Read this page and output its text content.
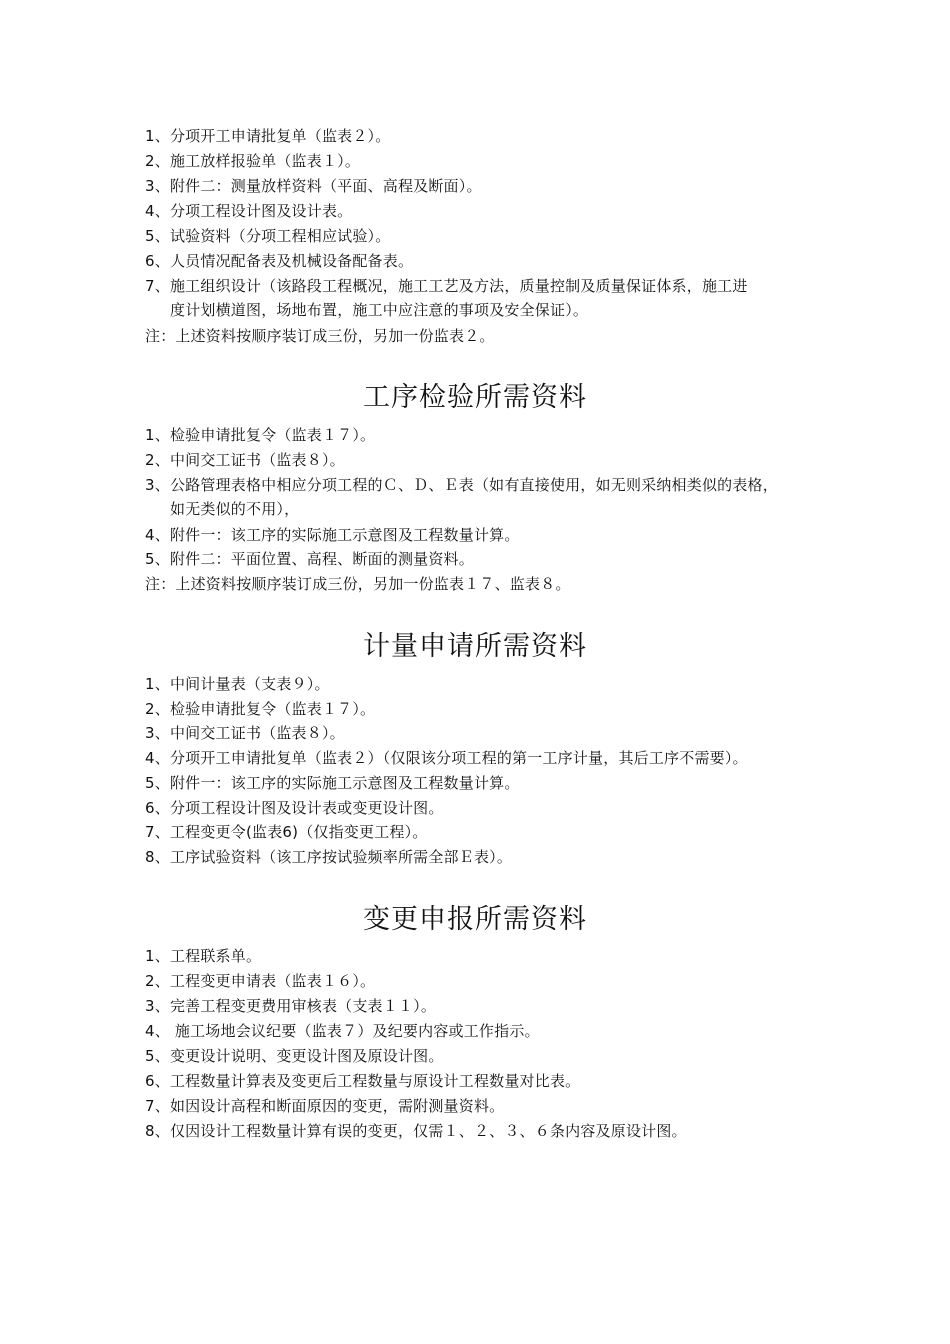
1、分项开工申请批复单（监表２）。
2、施工放样报验单（监表１）。
3、附件二：测量放样资料（平面、高程及断面）。
4、分项工程设计图及设计表。
5、试验资料（分项工程相应试验）。
6、人员情况配备表及机械设备配备表。
7、施工组织设计（该路段工程概况，施工工艺及方法，质量控制及质量保证体系，施工进
度计划横道图，场地布置，施工中应注意的事项及安全保证）。
注：上述资料按顺序装订成三份，另加一份监表２。
工序检验所需资料
1、检验申请批复令（监表１７）。
2、中间交工证书（监表８）。
3、公路管理表格中相应分项工程的Ｃ、Ｄ、Ｅ表（如有直接使用，如无则采纳相类似的表格，
如无类似的不用），
4、附件一：该工序的实际施工示意图及工程数量计算。
5、附件二：平面位置、高程、断面的测量资料。
注：上述资料按顺序装订成三份，另加一份监表１７、监表８。
计量申请所需资料
1、中间计量表（支表９）。
2、检验申请批复令（监表１７）。
3、中间交工证书（监表８）。
4、分项开工申请批复单（监表２）（仅限该分项工程的第一工序计量，其后工序不需要）。
5、附件一：该工序的实际施工示意图及工程数量计算。
6、分项工程设计图及设计表或变更设计图。
7、工程变更令(监表6)（仅指变更工程）。
8、工序试验资料（该工序按试验频率所需全部Ｅ表）。
变更申报所需资料
1、工程联系单。
2、工程变更申请表（监表１６）。
3、完善工程变更费用审核表（支表１１）。
4、 施工场地会议纪要（监表７）及纪要内容或工作指示。
5、变更设计说明、变更设计图及原设计图。
6、工程数量计算表及变更后工程数量与原设计工程数量对比表。
7、如因设计高程和断面原因的变更，需附测量资料。
8、仅因设计工程数量计算有误的变更，仅需１、２、３、６条内容及原设计图。
